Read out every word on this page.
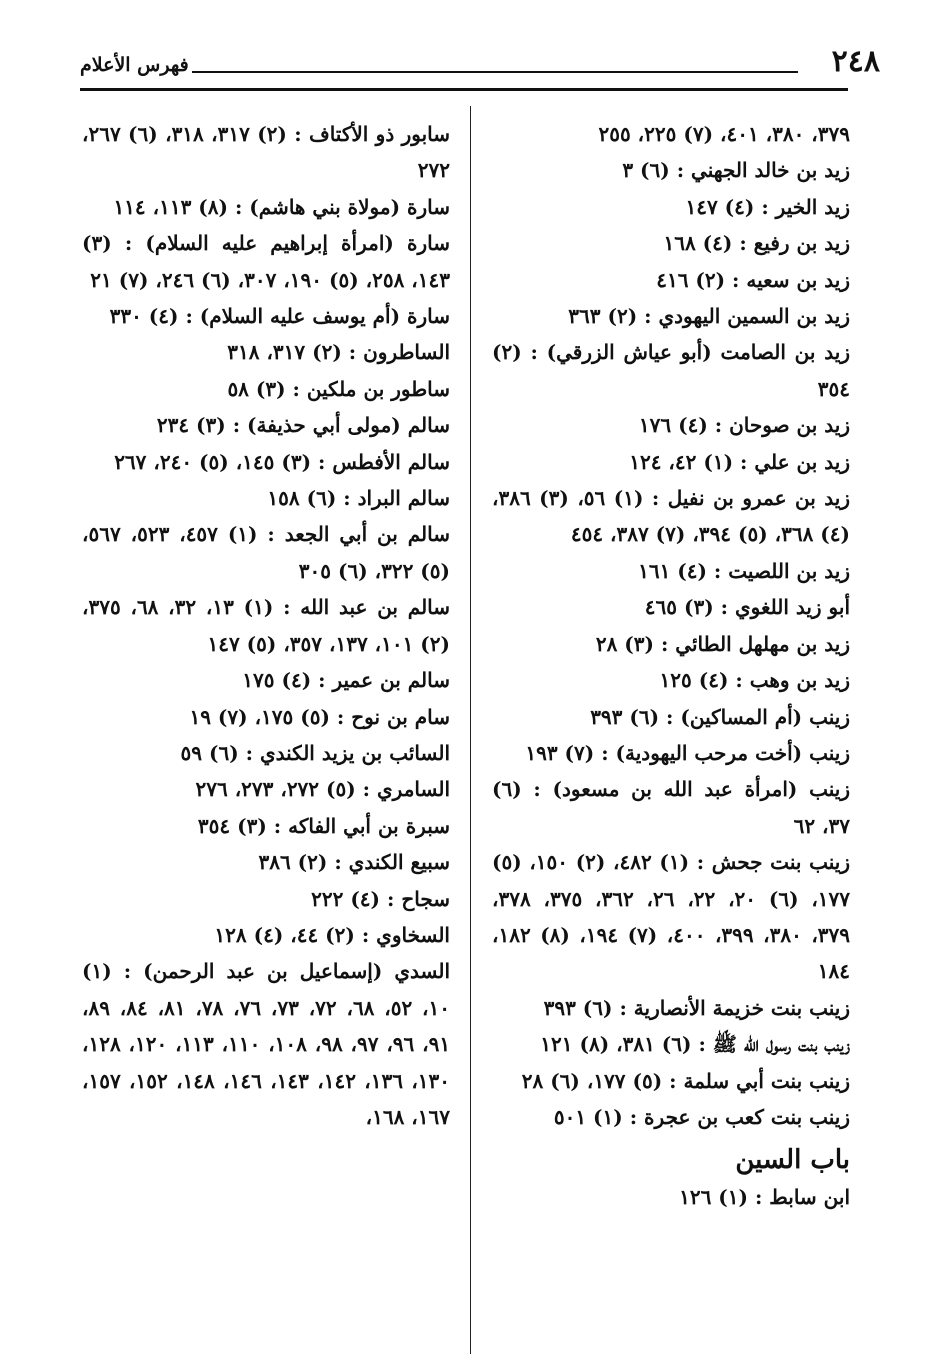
٢٤٨
فهرس الأعلام

٣٧٩، ٣٨٠، ٤٠١، (٧) ٢٢٥، ٢٥٥

زيد بن خالد الجهني : (٦) ٣

زيد الخير : (٤) ١٤٧

زيد بن رفيع : (٤) ١٦٨

زيد بن سعيه : (٢) ٤١٦

زيد بن السمين اليهودي : (٢) ٣٦٣

زيد بن الصامت (أبو عياش الزرقي) : (٢) ٣٥٤

زيد بن صوحان : (٤) ١٧٦

زيد بن علي : (١) ٤٢، ١٢٤

زيد بن عمرو بن نفيل : (١) ٥٦، (٣) ٣٨٦، (٤) ٣٦٨، (٥) ٣٩٤، (٧) ٣٨٧، ٤٥٤

زيد بن اللصيت : (٤) ١٦١

أبو زيد اللغوي : (٣) ٤٦٥

زيد بن مهلهل الطائي : (٣) ٢٨

زيد بن وهب : (٤) ١٢٥

زينب (أم المساكين) : (٦) ٣٩٣

زينب (أخت مرحب اليهودية) : (٧) ١٩٣

زينب (امرأة عبد الله بن مسعود) : (٦) ٣٧، ٦٢

زينب بنت جحش : (١) ٤٨٢، (٢) ١٥٠، (٥) ١٧٧، (٦) ٢٠، ٢٢، ٢٦، ٣٦٢، ٣٧٥، ٣٧٨، ٣٧٩، ٣٨٠، ٣٩٩، ٤٠٠، (٧) ١٩٤، (٨) ١٨٢، ١٨٤

زينب بنت خزيمة الأنصارية : (٦) ٣٩٣

زينب بنت رسول الله ﷺ : (٦) ٣٨١، (٨) ١٢١

زينب بنت أبي سلمة : (٥) ١٧٧، (٦) ٢٨

زينب بنت كعب بن عجرة : (١) ٥٠١

باب السين

ابن سابط : (١) ١٢٦

سابور ذو الأكتاف : (٢) ٣١٧، ٣١٨، (٦) ٢٦٧، ٢٧٢

سارة (مولاة بني هاشم) : (٨) ١١٣، ١١٤

سارة (امرأة إبراهيم عليه السلام) : (٣) ١٤٣، ٢٥٨، (٥) ١٩٠، ٣٠٧، (٦) ٢٤٦، (٧) ٢١

سارة (أم يوسف عليه السلام) : (٤) ٣٣٠

الساطرون : (٢) ٣١٧، ٣١٨

ساطور بن ملكين : (٣) ٥٨

سالم (مولى أبي حذيفة) : (٣) ٢٣٤

سالم الأفطس : (٣) ١٤٥، (٥) ٢٤٠، ٢٦٧

سالم البراد : (٦) ١٥٨

سالم بن أبي الجعد : (١) ٤٥٧، ٥٢٣، ٥٦٧، (٥) ٣٢٢، (٦) ٣٠٥

سالم بن عبد الله : (١) ١٣، ٣٢، ٦٨، ٣٧٥، (٢) ١٠١، ١٣٧، ٣٥٧، (٥) ١٤٧

سالم بن عمير : (٤) ١٧٥

سام بن نوح : (٥) ١٧٥، (٧) ١٩

السائب بن يزيد الكندي : (٦) ٥٩

السامري : (٥) ٢٧٢، ٢٧٣، ٢٧٦

سبرة بن أبي الفاكه : (٣) ٣٥٤

سبيع الكندي : (٢) ٣٨٦

سجاح : (٤) ٢٢٢

السخاوي : (٢) ٤٤، (٤) ١٢٨

السدي (إسماعيل بن عبد الرحمن) : (١) ١٠، ٥٢، ٦٨، ٧٢، ٧٣، ٧٦، ٧٨، ٨١، ٨٤، ٨٩، ٩١، ٩٦، ٩٧، ٩٨، ١٠٨، ١١٠، ١١٣، ١٢٠، ١٢٨، ١٣٠، ١٣٦، ١٤٢، ١٤٣، ١٤٦، ١٤٨، ١٥٢، ١٥٧، ١٦٧، ١٦٨،
